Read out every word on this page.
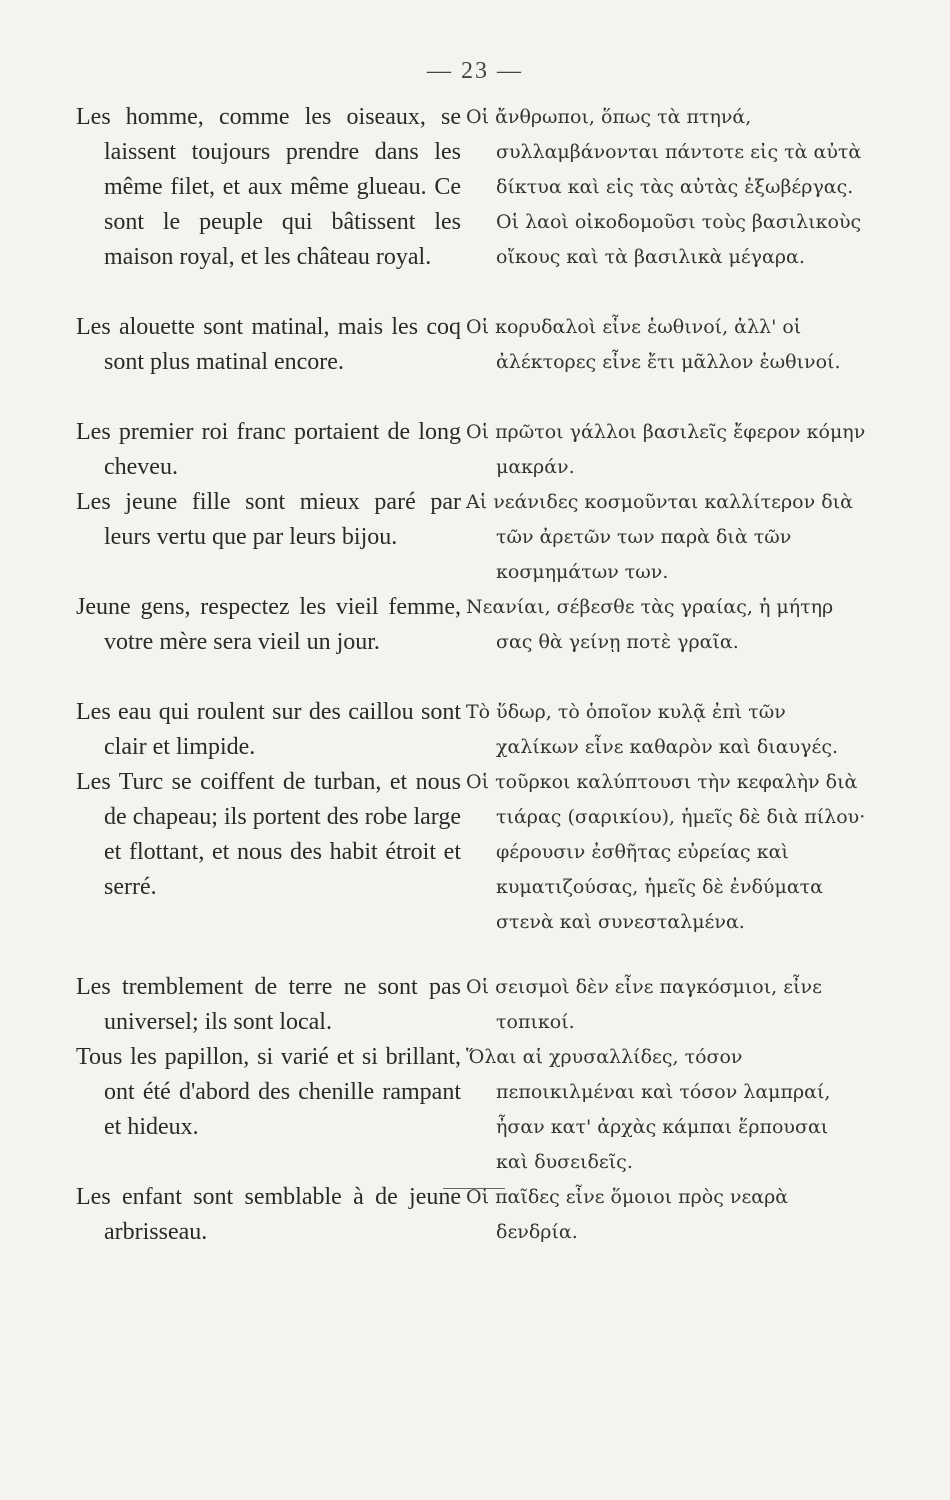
— 23 —

Les homme, comme les oiseaux, se laissent toujours prendre dans les même filet, et aux même glueau. Ce sont le peuple qui bâtissent les maison royal, et les château royal.

Οἱ ἄνθρωποι, ὅπως τὰ πτηνά, συλλαμβάνονται πάντοτε εἰς τὰ αὐτὰ δίκτυα καὶ εἰς τὰς αὐτὰς ἐξωβέργας. Οἱ λαοὶ οἰκοδομοῦσι τοὺς βασιλικοὺς οἴκους καὶ τὰ βασιλικὰ μέγαρα.

Les alouette sont matinal, mais les coq sont plus matinal encore.

Οἱ κορυδαλοὶ εἶνε ἑωθινοί, ἀλλ' οἱ ἀλέκτορες εἶνε ἔτι μᾶλλον ἑωθινοί.

Les premier roi franc portaient de long cheveu.

Οἱ πρῶτοι γάλλοι βασιλεῖς ἔφερον κόμην μακράν.

Les jeune fille sont mieux paré par leurs vertu que par leurs bijou.

Αἱ νεάνιδες κοσμοῦνται καλλίτερον διὰ τῶν ἀρετῶν των παρὰ διὰ τῶν κοσμημάτων των.

Jeune gens, respectez les vieil femme, votre mère sera vieil un jour.

Νεανίαι, σέβεσθε τὰς γραίας, ἡ μήτηρ σας θὰ γείνῃ ποτὲ γραῖα.

Les eau qui roulent sur des caillou sont clair et limpide.

Τὸ ὕδωρ, τὸ ὁποῖον κυλᾷ ἐπὶ τῶν χαλίκων εἶνε καθαρὸν καὶ διαυγές.

Les Turc se coiffent de turban, et nous de chapeau; ils portent des robe large et flottant, et nous des habit étroit et serré.

Οἱ τοῦρκοι καλύπτουσι τὴν κεφαλὴν διὰ τιάρας (σαρικίου), ἡμεῖς δὲ διὰ πίλου· φέρουσιν ἐσθῆτας εὐρείας καὶ κυματιζούσας, ἡμεῖς δὲ ἐνδύματα στενὰ καὶ συνεσταλμένα.

Les tremblement de terre ne sont pas universel; ils sont local.

Οἱ σεισμοὶ δὲν εἶνε παγκόσμιοι, εἶνε τοπικοί.

Tous les papillon, si varié et si brillant, ont été d'abord des chenille rampant et hideux.

Ὅλαι αἱ χρυσαλλίδες, τόσον πεποικιλμέναι καὶ τόσον λαμπραί, ἦσαν κατ' ἀρχὰς κάμπαι ἕρπουσαι καὶ δυσειδεῖς.

Les enfant sont semblable à de jeune arbrisseau.

Οἱ παῖδες εἶνε ὅμοιοι πρὸς νεαρὰ δενδρία.
